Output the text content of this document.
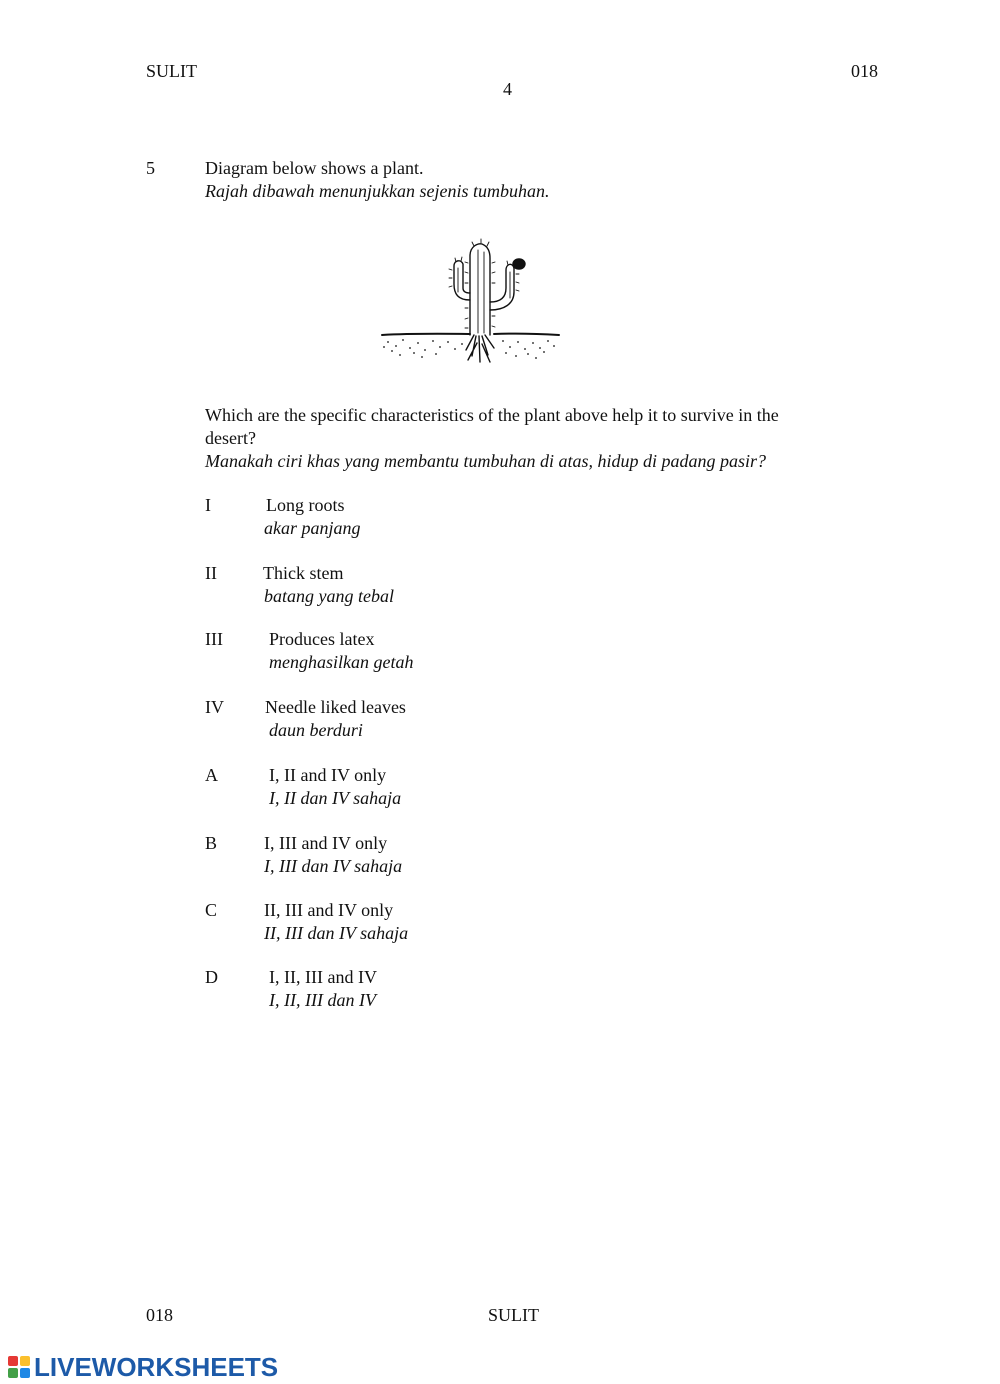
SULIT
4
018
5	Diagram below shows a plant.
Rajah dibawah menunjukkan sejenis tumbuhan.
Which are the specific characteristics of the plant above help it to survive in the
desert?
Manakah ciri khas yang membantu tumbuhan di atas, hidup di padang pasir?
I	Long roots
akar panjang
II	Thick stem
batang yang tebal
III	Produces latex
menghasilkan getah
IV Needle liked leaves
daun berduri
A	I, II and IV only
I, II dan IV sahaja
B	I, III and IV only
I, III dan IV sahaja
C	II, III and IV only
II, III dan IV sahaja
D	I, II, III and IV
I, II, III dan IV
018	SULIT
LIVEWORKSHEETS
